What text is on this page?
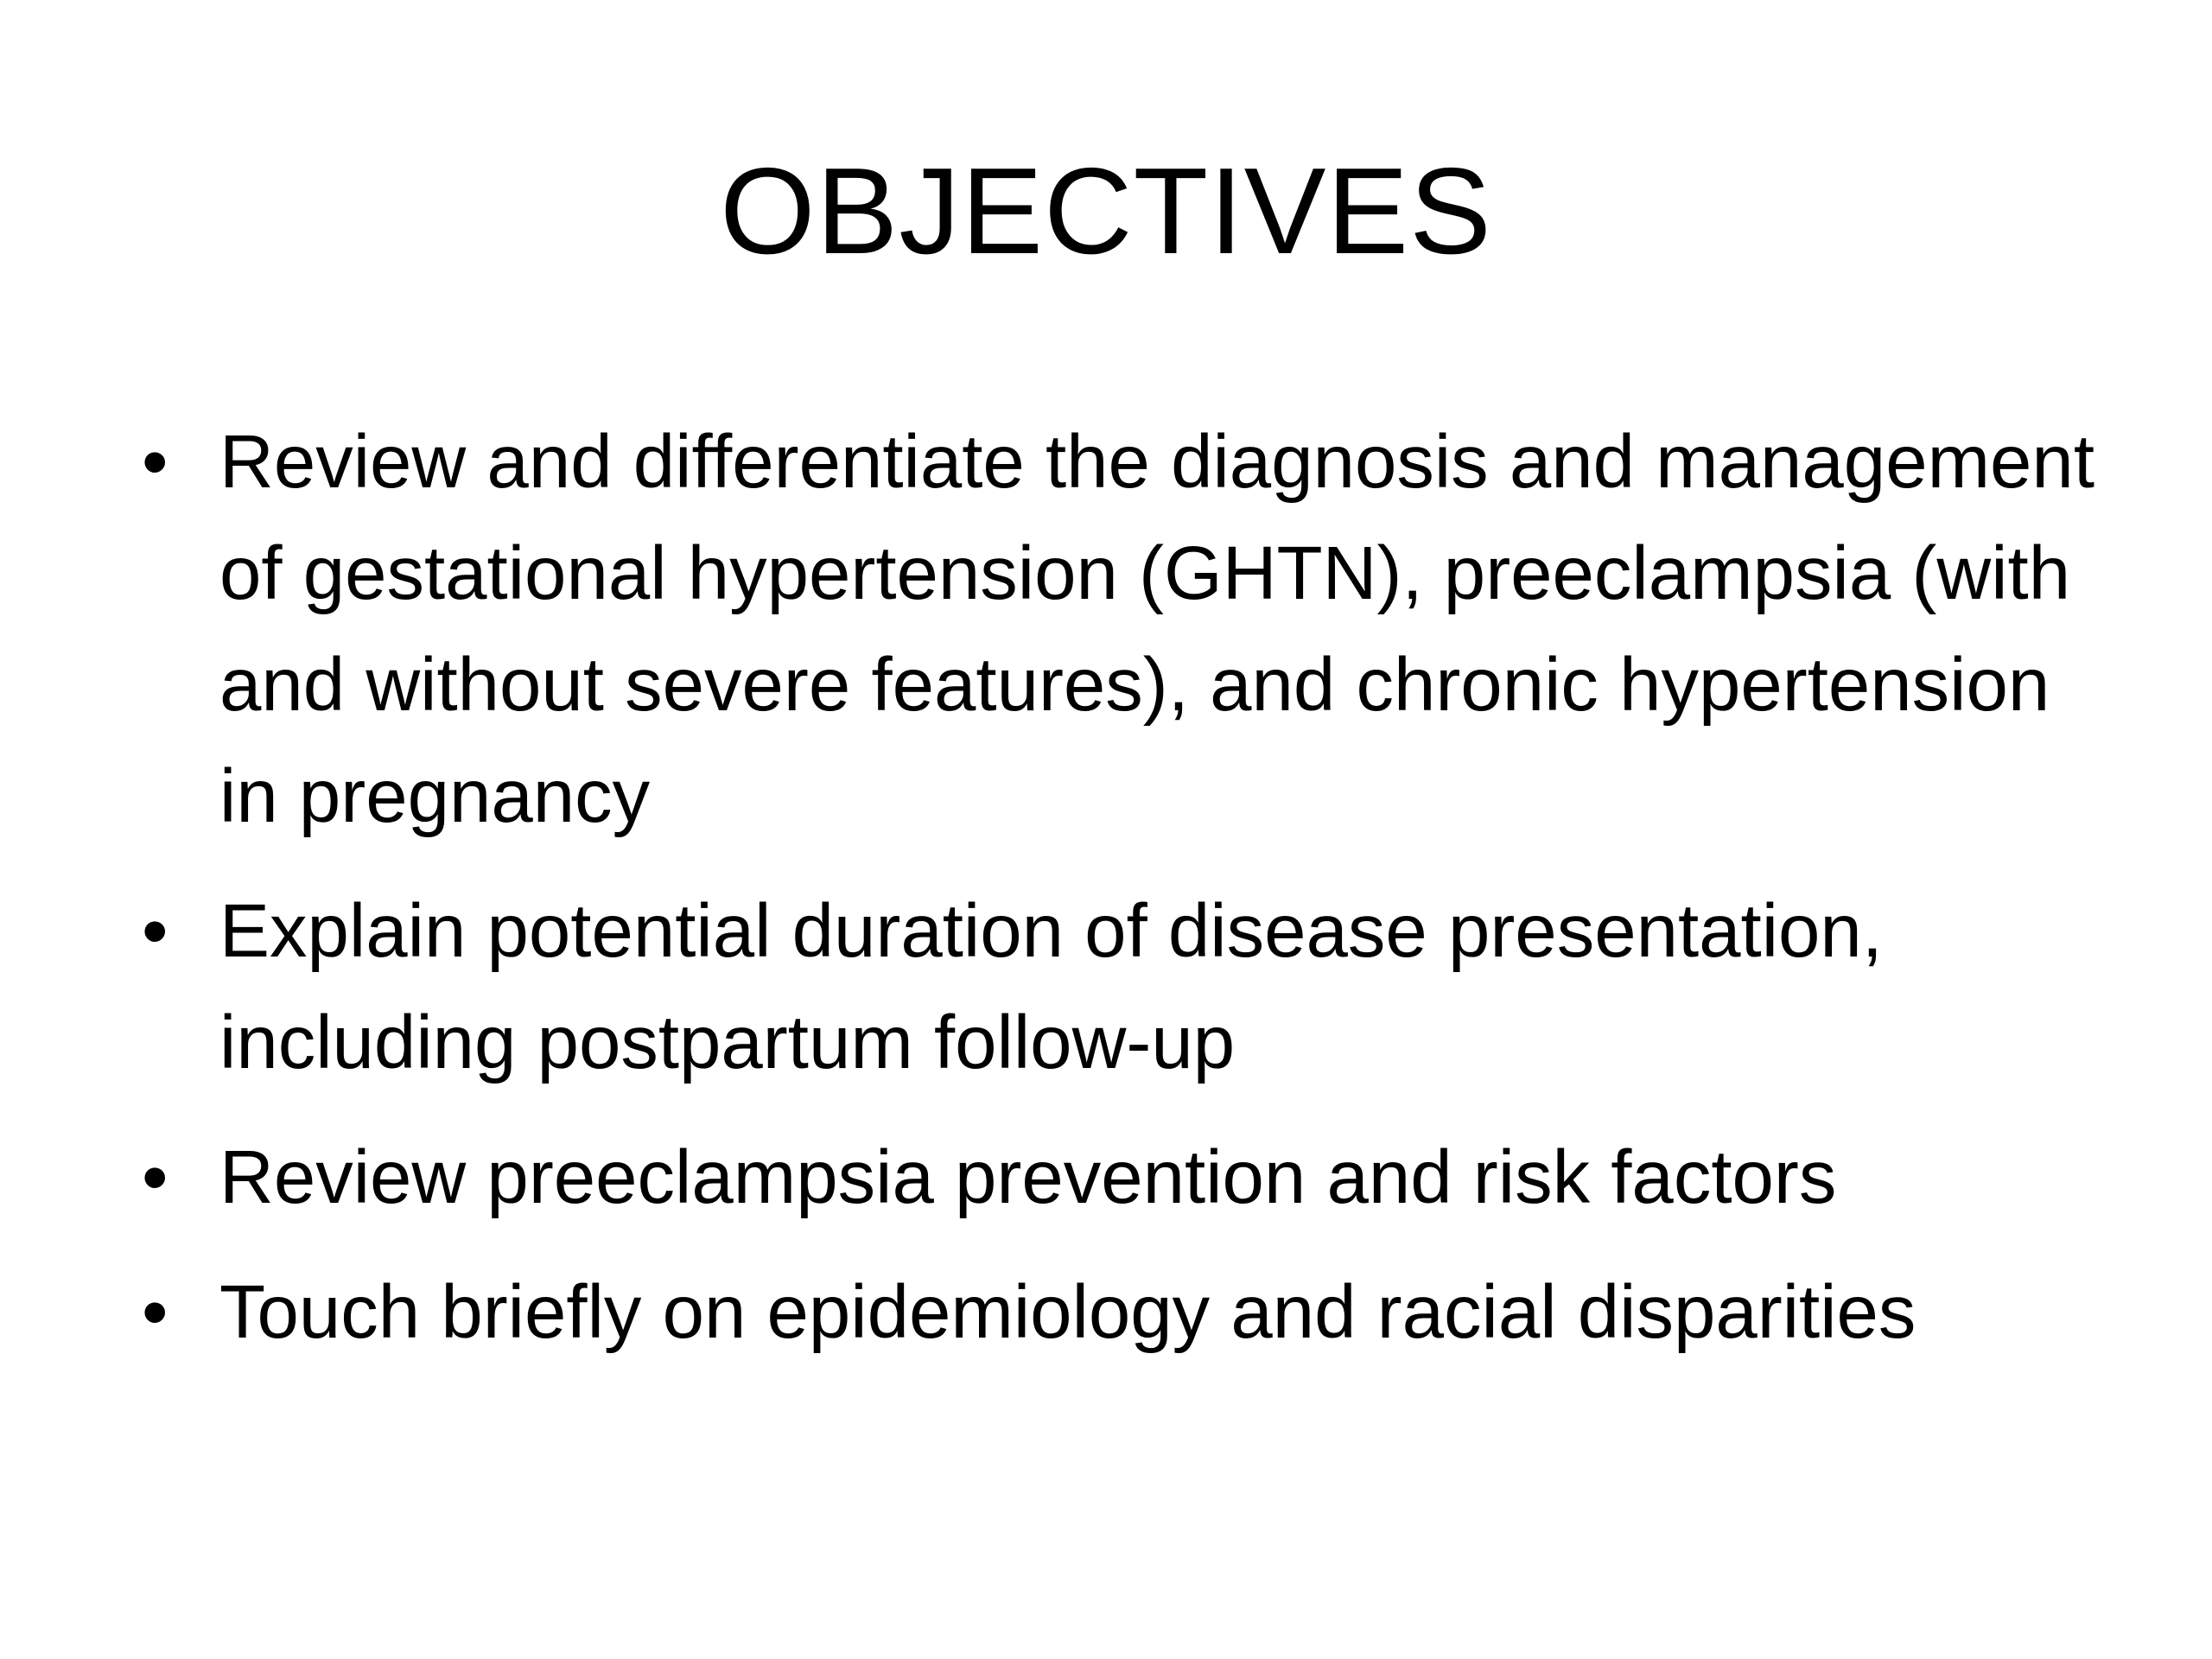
OBJECTIVES
• Review and differentiate the diagnosis and management of gestational hypertension (GHTN), preeclampsia (with and without severe features), and chronic hypertension in pregnancy
• Explain potential duration of disease presentation, including postpartum follow-up
• Review preeclampsia prevention and risk factors
• Touch briefly on epidemiology and racial disparities
